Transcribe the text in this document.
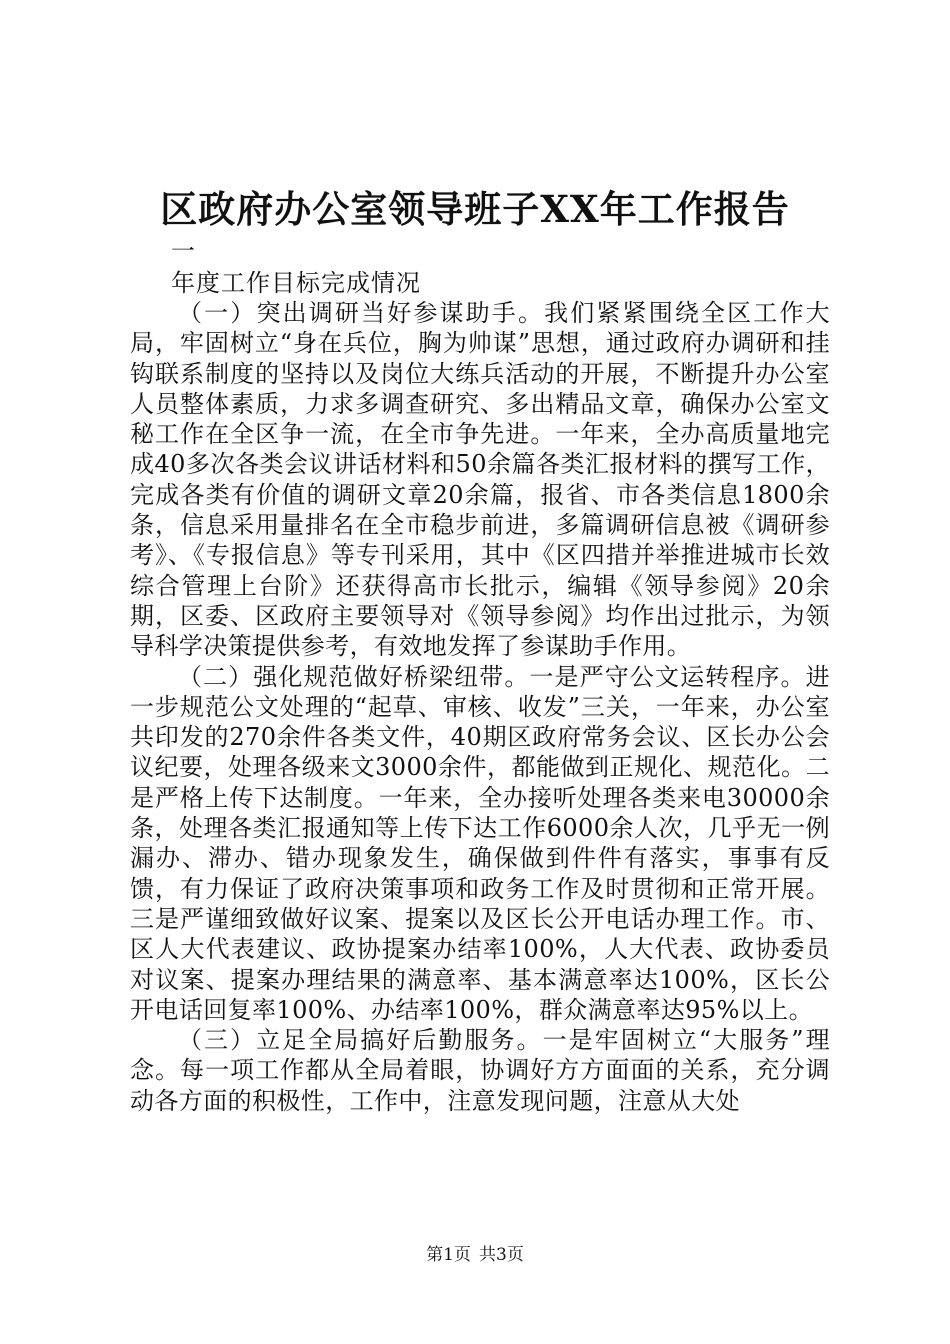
区政府办公室领导班子XX年工作报告
一
年度工作目标完成情况

（一）突出调研当好参谋助手。我们紧紧围绕全区工作大局，牢固树立“身在兵位，胸为帅谋”思想，通过政府办调研和挂钩联系制度的坚持以及岗位大练兵活动的开展，不断提升办公室人员整体素质，力求多调查研究、多出精品文章，确保办公室文秘工作在全区争一流，在全市争先进。一年来，全办高质量地完成40多次各类会议讲话材料和50余篇各类汇报材料的撰写工作，完成各类有价值的调研文章20余篇，报省、市各类信息1800余条，信息采用量排名在全市稳步前进，多篇调研信息被《调研参考》、《专报信息》等专刊采用，其中《区四措并举推进城市长效综合管理上台阶》还获得高市长批示，编辑《领导参阅》20余期，区委、区政府主要领导对《领导参阅》均作出过批示，为领导科学决策提供参考，有效地发挥了参谋助手作用。

（二）强化规范做好桥梁纽带。一是严守公文运转程序。进一步规范公文处理的“起草、审核、收发”三关，一年来，办公室共印发的270余件各类文件，40期区政府常务会议、区长办公会议纪要，处理各级来文3000余件，都能做到正规化、规范化。二是严格上传下达制度。一年来，全办接听处理各类来电30000余条，处理各类汇报通知等上传下达工作6000余人次，几乎无一例漏办、滞办、错办现象发生，确保做到件件有落实，事事有反馈，有力保证了政府决策事项和政务工作及时贯彻和正常开展。三是严谨细致做好议案、提案以及区长公开电话办理工作。市、区人大代表建议、政协提案办结率100%，人大代表、政协委员对议案、提案办理结果的满意率、基本满意率达100%，区长公开电话回复率100%、办结率100%，群众满意率达95%以上。

（三）立足全局搞好后勤服务。一是牢固树立“大服务”理念。每一项工作都从全局着眼，协调好方方面面的关系，充分调动各方面的积极性，工作中，注意发现问题，注意从大处

第1页 共3页
